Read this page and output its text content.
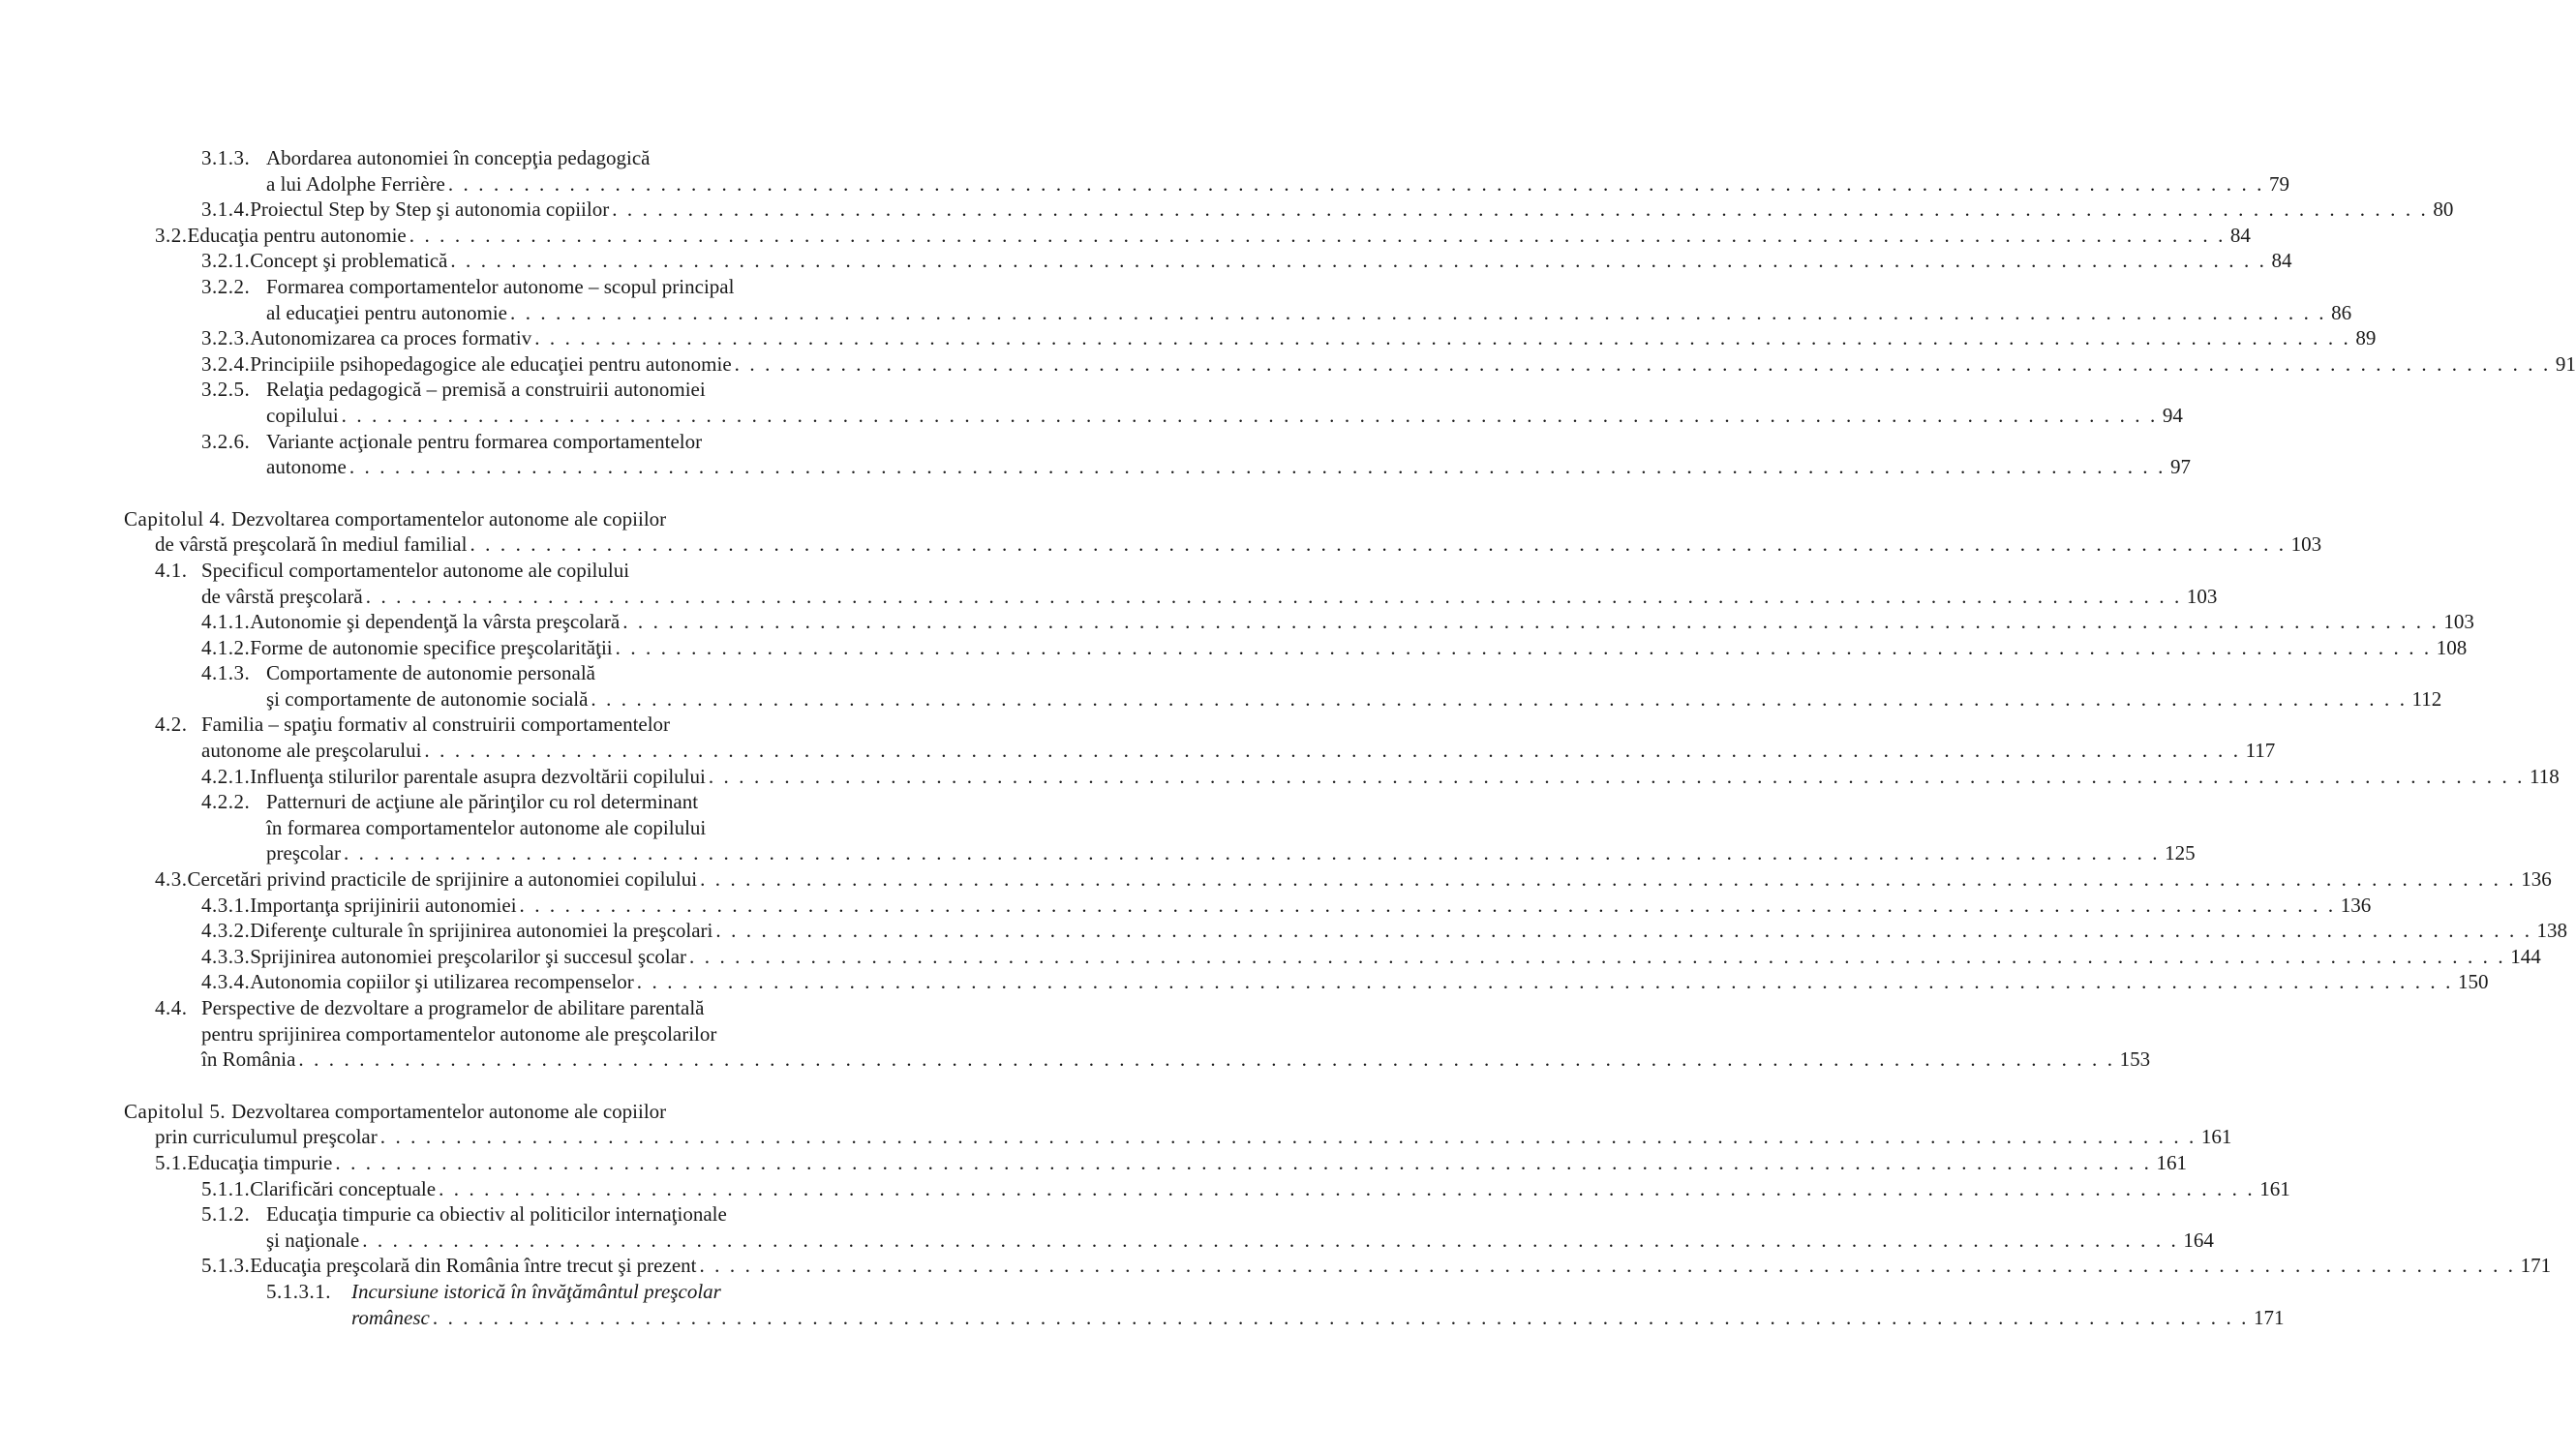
3.1.3. Abordarea autonomiei în concepţia pedagogică
a lui Adolphe Ferrière . . . . . . . . . . . . . . . . . . . . . . . . . . . . . . . . . . . . . . . . . . . . . . . . . . . . . . . . . . . . . . . . . . . . . . . . . . . . . . . . . . . . . . . . . . . . . . . . . . . . . . . . . . . . . . . . . . . . . . . . 79
3.1.4. Proiectul Step by Step şi autonomia copiilor . . . . . . . . . . . . . . . . . . . . . . . . . . . . . . . . . . . . . . . . . . . . . . . . . . . . . . . . . . . . . . . . . . . . . . . . . . . . . . . . . . . . . . . . . . . . . . . . . . . . . . . . . . . . . . . . . . . . . . . . 80
3.2. Educaţia pentru autonomie . . . . . . . . . . . . . . . . . . . . . . . . . . . . . . . . . . . . . . . . . . . . . . . . . . . . . . . . . . . . . . . . . . . . . . . . . . . . . . . . . . . . . . . . . . . . . . . . . . . . . . . . . . . . . . . . . . . . . . . . 84
3.2.1. Concept şi problematică . . . . . . . . . . . . . . . . . . . . . . . . . . . . . . . . . . . . . . . . . . . . . . . . . . . . . . . . . . . . . . . . . . . . . . . . . . . . . . . . . . . . . . . . . . . . . . . . . . . . . . . . . . . . . . . . . . . . . . . . 84
3.2.2. Formarea comportamentelor autonome – scopul principal
al educaţiei pentru autonomie . . . . . . . . . . . . . . . . . . . . . . . . . . . . . . . . . . . . . . . . . . . . . . . . . . . . . . . . . . . . . . . . . . . . . . . . . . . . . . . . . . . . . . . . . . . . . . . . . . . . . . . . . . . . . . . . . . . . . . . . 86
3.2.3. Autonomizarea ca proces formativ . . . . . . . . . . . . . . . . . . . . . . . . . . . . . . . . . . . . . . . . . . . . . . . . . . . . . . . . . . . . . . . . . . . . . . . . . . . . . . . . . . . . . . . . . . . . . . . . . . . . . . . . . . . . . . . . . . . . . . . . 89
3.2.4. Principiile psihopedagogice ale educaţiei pentru autonomie . . . . . . . . . . . . . . . . . . . . . . . . . . . . . . . . . . . . . . . . . . . . . . . . . . . . . . . . . . . . . . . . . . . . . . . . . . . . . . . . . . . . . . . . . . . . . . . . . . . . . . . . . . . . . . . . . . . . . . . . 91
3.2.5. Relaţia pedagogică – premisă a construirii autonomiei
copilului . . . . . . . . . . . . . . . . . . . . . . . . . . . . . . . . . . . . . . . . . . . . . . . . . . . . . . . . . . . . . . . . . . . . . . . . . . . . . . . . . . . . . . . . . . . . . . . . . . . . . . . . . . . . . . . . . . . . . . . . 94
3.2.6. Variante acţionale pentru formarea comportamentelor
autonome . . . . . . . . . . . . . . . . . . . . . . . . . . . . . . . . . . . . . . . . . . . . . . . . . . . . . . . . . . . . . . . . . . . . . . . . . . . . . . . . . . . . . . . . . . . . . . . . . . . . . . . . . . . . . . . . . . . . . . . . 97
Capitolul 4. Dezvoltarea comportamentelor autonome ale copiilor
de vârstă preşcolară în mediul familial . . . . . . . . . . . . . . . . . . . . . . . . . . . . . . . . . . . . . . . . . . . . . . . . . . . . . . . . . . . . . . . . . . . . . . . . . . . . . . . . . . . . . . . . . . . . . . . . . . . . . . . . . . . . . . . . . . . . . . . . 103
4.1. Specificul comportamentelor autonome ale copilului
de vârstă preşcolară . . . . . . . . . . . . . . . . . . . . . . . . . . . . . . . . . . . . . . . . . . . . . . . . . . . . . . . . . . . . . . . . . . . . . . . . . . . . . . . . . . . . . . . . . . . . . . . . . . . . . . . . . . . . . . . . . . . . . . . . 103
4.1.1. Autonomie şi dependenţă la vârsta preşcolară . . . . . . . . . . . . . . . . . . . . . . . . . . . . . . . . . . . . . . . . . . . . . . . . . . . . . . . . . . . . . . . . . . . . . . . . . . . . . . . . . . . . . . . . . . . . . . . . . . . . . . . . . . . . . . . . . . . . . . . . 103
4.1.2. Forme de autonomie specifice preşcolarităţii . . . . . . . . . . . . . . . . . . . . . . . . . . . . . . . . . . . . . . . . . . . . . . . . . . . . . . . . . . . . . . . . . . . . . . . . . . . . . . . . . . . . . . . . . . . . . . . . . . . . . . . . . . . . . . . . . . . . . . . . 108
4.1.3. Comportamente de autonomie personală
şi comportamente de autonomie socială . . . . . . . . . . . . . . . . . . . . . . . . . . . . . . . . . . . . . . . . . . . . . . . . . . . . . . . . . . . . . . . . . . . . . . . . . . . . . . . . . . . . . . . . . . . . . . . . . . . . . . . . . . . . . . . . . . . . . . . . 112
4.2. Familia – spaţiu formativ al construirii comportamentelor
autonome ale preşcolarului . . . . . . . . . . . . . . . . . . . . . . . . . . . . . . . . . . . . . . . . . . . . . . . . . . . . . . . . . . . . . . . . . . . . . . . . . . . . . . . . . . . . . . . . . . . . . . . . . . . . . . . . . . . . . . . . . . . . . . . . 117
4.2.1. Influenţa stilurilor parentale asupra dezvoltării copilului . . . . . . . . . . . . . . . . . . . . . . . . . . . . . . . . . . . . . . . . . . . . . . . . . . . . . . . . . . . . . . . . . . . . . . . . . . . . . . . . . . . . . . . . . . . . . . . . . . . . . . . . . . . . . . . . . . . . . . . . 118
4.2.2. Patternuri de acţiune ale părinţilor cu rol determinant
în formarea comportamentelor autonome ale copilului
preşcolar . . . . . . . . . . . . . . . . . . . . . . . . . . . . . . . . . . . . . . . . . . . . . . . . . . . . . . . . . . . . . . . . . . . . . . . . . . . . . . . . . . . . . . . . . . . . . . . . . . . . . . . . . . . . . . . . . . . . . . . . 125
4.3. Cercetări privind practicile de sprijinire a autonomiei copilului . . . . . . . . . . . . . . . . . . . . . . . . . . . . . . . . . . . . . . . . . . . . . . . . . . . . . . . . . . . . . . . . . . . . . . . . . . . . . . . . . . . . . . . . . . . . . . . . . . . . . . . . . . . . . . . . . . . . . . . . 136
4.3.1. Importanţa sprijinirii autonomiei . . . . . . . . . . . . . . . . . . . . . . . . . . . . . . . . . . . . . . . . . . . . . . . . . . . . . . . . . . . . . . . . . . . . . . . . . . . . . . . . . . . . . . . . . . . . . . . . . . . . . . . . . . . . . . . . . . . . . . . . 136
4.3.2. Diferenţe culturale în sprijinirea autonomiei la preşcolari . . . . . . . . . . . . . . . . . . . . . . . . . . . . . . . . . . . . . . . . . . . . . . . . . . . . . . . . . . . . . . . . . . . . . . . . . . . . . . . . . . . . . . . . . . . . . . . . . . . . . . . . . . . . . . . . . . . . . . . . 138
4.3.3. Sprijinirea autonomiei preşcolarilor şi succesul şcolar . . . . . . . . . . . . . . . . . . . . . . . . . . . . . . . . . . . . . . . . . . . . . . . . . . . . . . . . . . . . . . . . . . . . . . . . . . . . . . . . . . . . . . . . . . . . . . . . . . . . . . . . . . . . . . . . . . . . . . . . 144
4.3.4. Autonomia copiilor şi utilizarea recompenselor . . . . . . . . . . . . . . . . . . . . . . . . . . . . . . . . . . . . . . . . . . . . . . . . . . . . . . . . . . . . . . . . . . . . . . . . . . . . . . . . . . . . . . . . . . . . . . . . . . . . . . . . . . . . . . . . . . . . . . . . 150
4.4. Perspective de dezvoltare a programelor de abilitare parentală
pentru sprijinirea comportamentelor autonome ale preşcolarilor
în România . . . . . . . . . . . . . . . . . . . . . . . . . . . . . . . . . . . . . . . . . . . . . . . . . . . . . . . . . . . . . . . . . . . . . . . . . . . . . . . . . . . . . . . . . . . . . . . . . . . . . . . . . . . . . . . . . . . . . . . . 153
Capitolul 5. Dezvoltarea comportamentelor autonome ale copiilor
prin curriculumul preşcolar . . . . . . . . . . . . . . . . . . . . . . . . . . . . . . . . . . . . . . . . . . . . . . . . . . . . . . . . . . . . . . . . . . . . . . . . . . . . . . . . . . . . . . . . . . . . . . . . . . . . . . . . . . . . . . . . . . . . . . . . 161
5.1. Educaţia timpurie . . . . . . . . . . . . . . . . . . . . . . . . . . . . . . . . . . . . . . . . . . . . . . . . . . . . . . . . . . . . . . . . . . . . . . . . . . . . . . . . . . . . . . . . . . . . . . . . . . . . . . . . . . . . . . . . . . . . . . . . 161
5.1.1. Clarificări conceptuale . . . . . . . . . . . . . . . . . . . . . . . . . . . . . . . . . . . . . . . . . . . . . . . . . . . . . . . . . . . . . . . . . . . . . . . . . . . . . . . . . . . . . . . . . . . . . . . . . . . . . . . . . . . . . . . . . . . . . . . . 161
5.1.2. Educaţia timpurie ca obiectiv al politicilor internaţionale
şi naţionale . . . . . . . . . . . . . . . . . . . . . . . . . . . . . . . . . . . . . . . . . . . . . . . . . . . . . . . . . . . . . . . . . . . . . . . . . . . . . . . . . . . . . . . . . . . . . . . . . . . . . . . . . . . . . . . . . . . . . . . . 164
5.1.3. Educaţia preşcolară din România între trecut şi prezent . . . . . . . . . . . . . . . . . . . . . . . . . . . . . . . . . . . . . . . . . . . . . . . . . . . . . . . . . . . . . . . . . . . . . . . . . . . . . . . . . . . . . . . . . . . . . . . . . . . . . . . . . . . . . . . . . . . . . . . . 171
5.1.3.1.	Incursiune istorică în învăţământul preşcolar
românesc . . . . . . . . . . . . . . . . . . . . . . . . . . . . . . . . . . . . . . . . . . . . . . . . . . . . . . . . . . . . . . . . . . . . . . . . . . . . . . . . . . . . . . . . . . . . . . . . . . . . . . . . . . . . . . . . . . . . . . . . 171
